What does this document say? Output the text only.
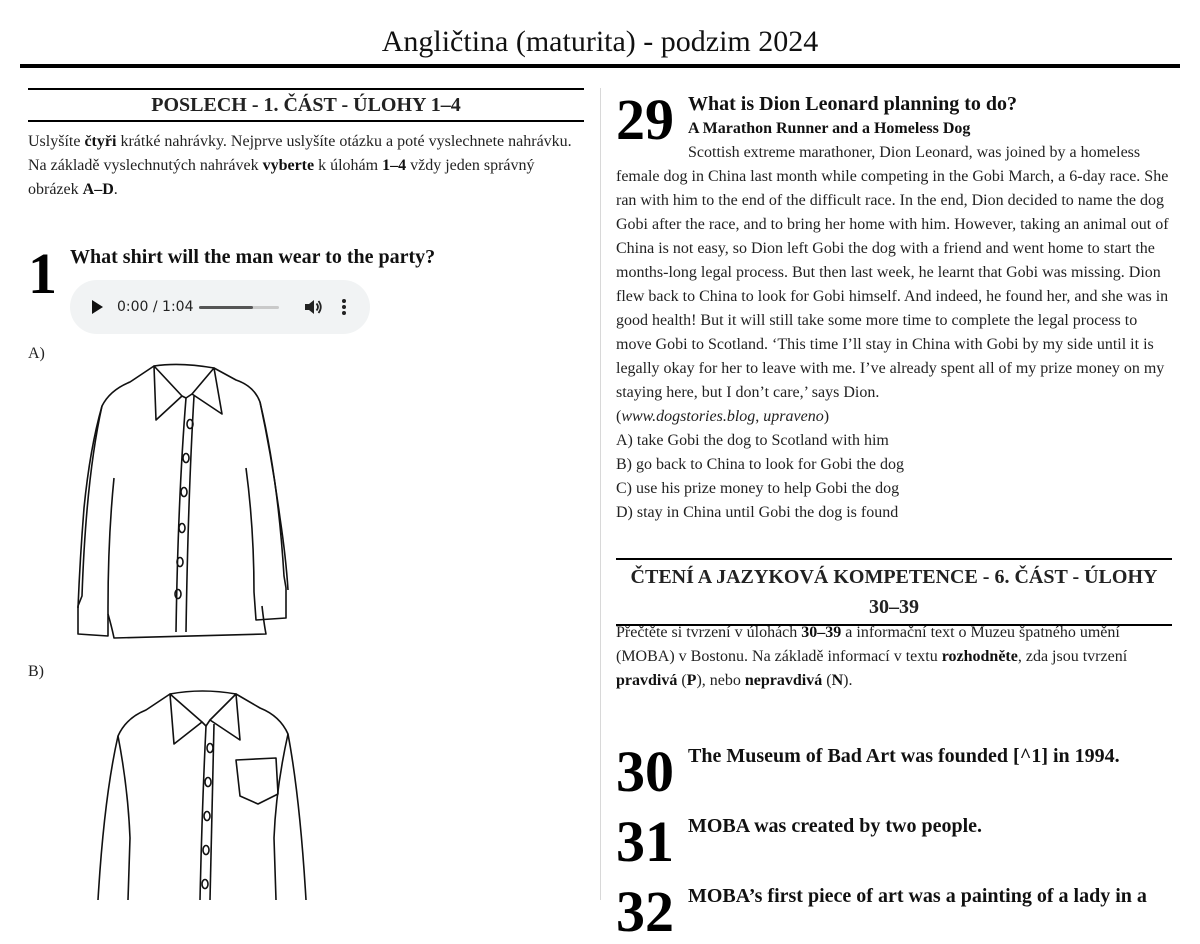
Angličtina (maturita) - podzim 2024
POSLECH - 1. ČÁST - ÚLOHY 1–4
Uslyšíte čtyři krátké nahrávky. Nejprve uslyšíte otázku a poté vyslechnete nahrávku. Na základě vyslechnutých nahrávek vyberte k úlohám 1–4 vždy jeden správný obrázek A–D.
1 What shirt will the man wear to the party?
0:00 / 1:04
A)
B)
29 What is Dion Leonard planning to do?
A Marathon Runner and a Homeless Dog

Scottish extreme marathoner, Dion Leonard, was joined by a homeless female dog in China last month while competing in the Gobi March, a 6-day race. She ran with him to the end of the difficult race. In the end, Dion decided to name the dog Gobi after the race, and to bring her home with him. However, taking an animal out of China is not easy, so Dion left Gobi the dog with a friend and went home to start the months-long legal process. But then last week, he learnt that Gobi was missing. Dion flew back to China to look for Gobi himself. And indeed, he found her, and she was in good health! But it will still take some more time to complete the legal process to move Gobi to Scotland. ‘This time I’ll stay in China with Gobi by my side until it is legally okay for her to leave with me. I’ve already spent all of my prize money on my staying here, but I don’t care,’ says Dion.

(www.dogstories.blog, upraveno)

A) take Gobi the dog to Scotland with him
B) go back to China to look for Gobi the dog
C) use his prize money to help Gobi the dog
D) stay in China until Gobi the dog is found
ČTENÍ A JAZYKOVÁ KOMPETENCE - 6. ČÁST - ÚLOHY 30–39
Přečtěte si tvrzení v úlohách 30–39 a informační text o Muzeu špatného umění (MOBA) v Bostonu. Na základě informací v textu rozhodněte, zda jsou tvrzení pravdivá (P), nebo nepravdivá (N).
30 The Museum of Bad Art was founded [^1] in 1994.
31 MOBA was created by two people.
32 MOBA’s first piece of art was a painting of a lady in a
